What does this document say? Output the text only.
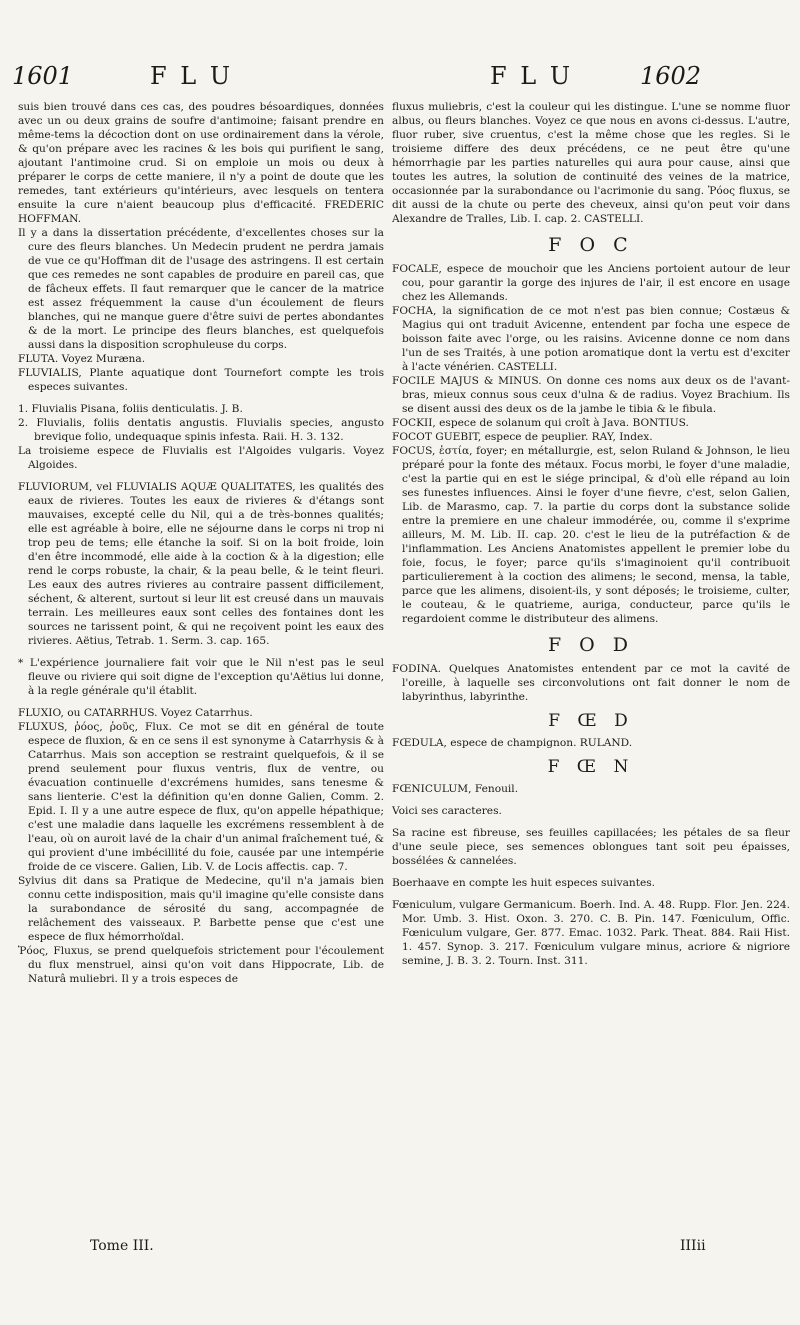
1601	F L U	F L U	1602

suis bien trouvé dans ces cas, des poudres bésoardiques, données avec un ou deux grains de soufre d'antimoine; faisant prendre en même-tems la décoction dont on use ordinairement dans la vérole, & qu'on prépare avec les racines & les bois qui purifient le sang, ajoutant l'antimoine crud. Si on emploie un mois ou deux à préparer le corps de cette maniere, il n'y a point de doute que les remedes, tant extérieurs qu'intérieurs, avec lesquels on tentera ensuite la cure n'aient beaucoup plus d'efficacité. FREDERIC HOFFMAN.

Il y a dans la dissertation précédente, d'excellentes choses sur la cure des fleurs blanches. Un Medecin prudent ne perdra jamais de vue ce qu'Hoffman dit de l'usage des astringens. Il est certain que ces remedes ne sont capables de produire en pareil cas, que de fâcheux effets. Il faut remarquer que le cancer de la matrice est assez fréquemment la cause d'un écoulement de fleurs blanches, qui ne manque guere d'être suivi de pertes abondantes & de la mort. Le principe des fleurs blanches, est quelquefois aussi dans la disposition scrophuleuse du corps.

FLUTA. Voyez Muræna.

FLUVIALIS, Plante aquatique dont Tournefort compte les trois especes suivantes.

1. Fluvialis Pisana, foliis denticulatis. J. B.

2. Fluvialis, foliis dentatis angustis. Fluvialis species, angusto brevique folio, undequaque spinis infesta. Raii. H. 3. 132.

La troisieme espece de Fluvialis est l'Algoides vulgaris. Voyez Algoides.

FLUVIORUM, vel FLUVIALIS AQUÆ QUALITATES, les qualités des eaux de rivieres. Toutes les eaux de rivieres & d'étangs sont mauvaises, excepté celle du Nil, qui a de très-bonnes qualités; elle est agréable à boire, elle ne séjourne dans le corps ni trop ni trop peu de tems; elle étanche la soif. Si on la boit froide, loin d'en être incommodé, elle aide à la coction & à la digestion; elle rend le corps robuste, la chair, & la peau belle, & le teint fleuri. Les eaux des autres rivieres au contraire passent difficilement, séchent, & alterent, surtout si leur lit est creusé dans un mauvais terrain. Les meilleures eaux sont celles des fontaines dont les sources ne tarissent point, & qui ne reçoivent point les eaux des rivieres. Aëtius, Tetrab. 1. Serm. 3. cap. 165.

* L'expérience journaliere fait voir que le Nil n'est pas le seul fleuve ou riviere qui soit digne de l'exception qu'Aëtius lui donne, à la regle générale qu'il établit.

FLUXIO, ou CATARRHUS. Voyez Catarrhus.

FLUXUS, ῥόος, ῥοῦς, Flux. Ce mot se dit en général de toute espece de fluxion, & en ce sens il est synonyme à Catarrhysis & à Catarrhus. Mais son acception se restraint quelquefois, & il se prend seulement pour fluxus ventris, flux de ventre, ou évacuation continuelle d'excrémens humides, sans tenesme & sans lienterie. C'est la définition qu'en donne Galien, Comm. 2. Epid. I. Il y a une autre espece de flux, qu'on appelle hépathique; c'est une maladie dans laquelle les excrémens ressemblent à de l'eau, où on auroit lavé de la chair d'un animal fraîchement tué, & qui provient d'une imbécillité du foie, causée par une intempérie froide de ce viscere. Galien, Lib. V. de Locis affectis. cap. 7.

Sylvius dit dans sa Pratique de Medecine, qu'il n'a jamais bien connu cette indisposition, mais qu'il imagine qu'elle consiste dans la surabondance de sérosité du sang, accompagnée de relâchement des vaisseaux. P. Barbette pense que c'est une espece de flux hémorrhoïdal.

Ῥόος, Fluxus, se prend quelquefois strictement pour l'écoulement du flux menstruel, ainsi qu'on voit dans Hippocrate, Lib. de Naturâ muliebri. Il y a trois especes de

fluxus muliebris, c'est la couleur qui les distingue. L'une se nomme fluor albus, ou fleurs blanches. Voyez ce que nous en avons ci-dessus. L'autre, fluor ruber, sive cruentus, c'est la même chose que les regles. Si le troisieme differe des deux précédens, ce ne peut être qu'une hémorrhagie par les parties naturelles qui aura pour cause, ainsi que toutes les autres, la solution de continuité des veines de la matrice, occasionnée par la surabondance ou l'acrimonie du sang. Ῥόος fluxus, se dit aussi de la chute ou perte des cheveux, ainsi qu'on peut voir dans Alexandre de Tralles, Lib. I. cap. 2. CASTELLI.

F O C

FOCALE, espece de mouchoir que les Anciens portoient autour de leur cou, pour garantir la gorge des injures de l'air, il est encore en usage chez les Allemands.

FOCHA, la signification de ce mot n'est pas bien connue; Costæus & Magius qui ont traduit Avicenne, entendent par focha une espece de boisson faite avec l'orge, ou les raisins. Avicenne donne ce nom dans l'un de ses Traités, à une potion aromatique dont la vertu est d'exciter à l'acte vénérien. CASTELLI.

FOCILE MAJUS & MINUS. On donne ces noms aux deux os de l'avant-bras, mieux connus sous ceux d'ulna & de radius. Voyez Brachium. Ils se disent aussi des deux os de la jambe le tibia & le fibula.

FOCKII, espece de solanum qui croît à Java. BONTIUS.

FOCOT GUEBIT, espece de peuplier. RAY, Index.

FOCUS, ἑστία, foyer; en métallurgie, est, selon Ruland & Johnson, le lieu préparé pour la fonte des métaux. Focus morbi, le foyer d'une maladie, c'est la partie qui en est le siége principal, & d'où elle répand au loin ses funestes influences. Ainsi le foyer d'une fievre, c'est, selon Galien, Lib. de Marasmo, cap. 7. la partie du corps dont la substance solide entre la premiere en une chaleur immodérée, ou, comme il s'exprime ailleurs, M. M. Lib. II. cap. 20. c'est le lieu de la putréfaction & de l'inflammation. Les Anciens Anatomistes appellent le premier lobe du foie, focus, le foyer; parce qu'ils s'imaginoient qu'il contribuoit particulierement à la coction des alimens; le second, mensa, la table, parce que les alimens, disoient-ils, y sont déposés; le troisieme, culter, le couteau, & le quatrieme, auriga, conducteur, parce qu'ils le regardoient comme le distributeur des alimens.

F O D

FODINA. Quelques Anatomistes entendent par ce mot la cavité de l'oreille, à laquelle ses circonvolutions ont fait donner le nom de labyrinthus, labyrinthe.

F Œ D

FŒDULA, espece de champignon. RULAND.

F Œ N

FŒNICULUM, Fenouil.

Voici ses caracteres.

Sa racine est fibreuse, ses feuilles capillacées; les pétales de sa fleur d'une seule piece, ses semences oblongues tant soit peu épaisses, bossélées & cannelées.

Boerhaave en compte les huit especes suivantes.

Fœniculum, vulgare Germanicum. Boerh. Ind. A. 48. Rupp. Flor. Jen. 224. Mor. Umb. 3. Hist. Oxon. 3. 270. C. B. Pin. 147. Fœniculum, Offic. Fœniculum vulgare, Ger. 877. Emac. 1032. Park. Theat. 884. Raii Hist. 1. 457. Synop. 3. 217. Fœniculum vulgare minus, acriore & nigriore semine, J. B. 3. 2. Tourn. Inst. 311.

Tome III.	IIIii
